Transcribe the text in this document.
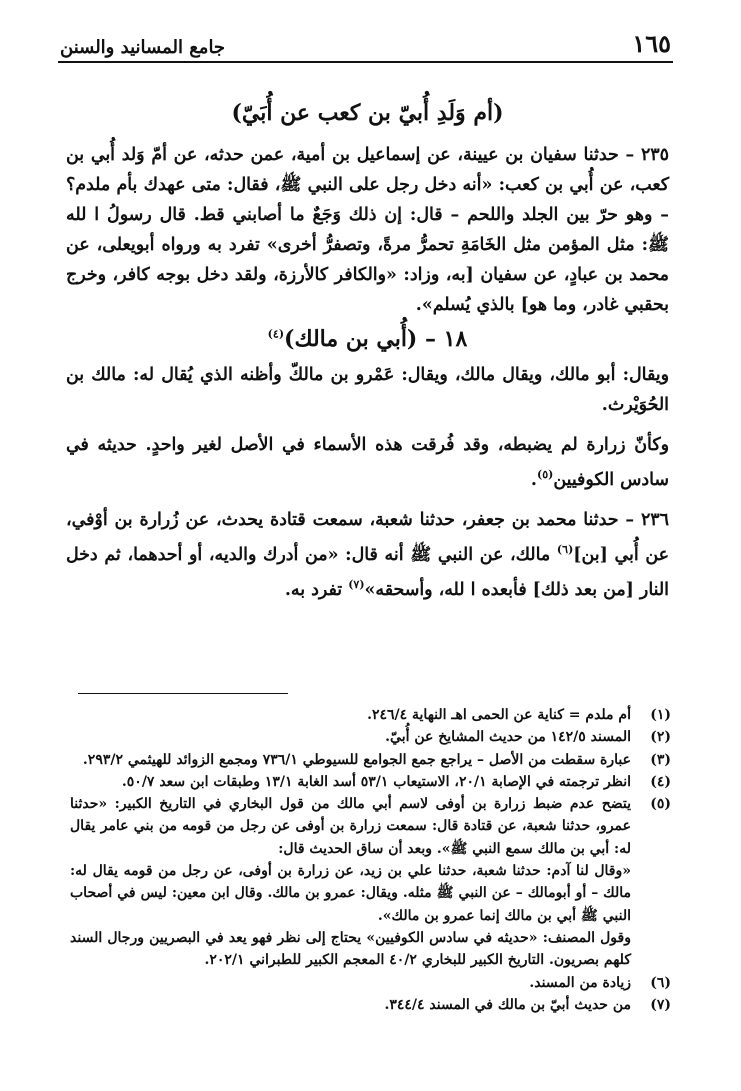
١٦٥
جامع المسانيد والسنن
(أم وَلَدِ أُبيّ بن كعب عن أُبَيّ)

٢٣٥ – حدثنا سفيان بن عيينة، عن إسماعيل بن أمية، عمن حدثه، عن أمّ وَلد أُبي بن كعب، عن أُبي بن كعب: «أنه دخل رجل على النبي ﷺ، فقال: متى عهدك بأم ملدم؟ – وهو حرّ بين الجلد واللحم – قال: إن ذلك وَجَعٌ ما أصابني قط. قال رسولُ ا لله ﷺ: مثل المؤمن مثل الخَامَةِ تحمرُّ مرةً، وتصفرُّ أخرى» تفرد به ورواه أبويعلى، عن محمد بن عبادٍ، عن سفيان [به، وزاد: «والكافر كالأرزة، ولقد دخل بوجه كافر، وخرج بحقبي غادر، وما هو] بالذي يُسلم».

١٨ – (أُبي بن مالك)$^{(٤)}$

ويقال: أبو مالك، ويقال مالك، ويقال: عَمْرو بن مالكّ وأظنه الذي يُقال له: مالك بن الحُوَيْرث.

وكأنّ زرارة لم يضبطه، وقد فُرقت هذه الأسماء في الأصل لغير واحدٍ. حديثه في سادس الكوفيين$^{(٥)}$.

٢٣٦ – حدثنا محمد بن جعفر، حدثنا شعبة، سمعت قتادة يحدث، عن زُرارة بن أوْفي، عن أُبي [بن]$^{(٦)}$ مالك، عن النبي ﷺ أنه قال: «من أدرك والديه، أو أحدهما، ثم دخل النار [من بعد ذلك] فأبعده ا لله، وأسحقه»$^{(٧)}$ تفرد به.

(١)
أم ملدم = كناية عن الحمى اهـ النهاية ٢٤٦/٤.
(٢)
المسند ١٤٢/٥ من حديث المشايخ عن أُبيّ.
(٣)
عبارة سقطت من الأصل – يراجع جمع الجوامع للسيوطي ٧٣٦/١ ومجمع الزوائد للهيثمي ٢٩٣/٢.
(٤)
انظر ترجمته في الإصابة ٢٠/١، الاستيعاب ٥٣/١ أسد الغابة ١٣/١ وطبقات ابن سعد ٥٠/٧.
(٥)
يتضح عدم ضبط زرارة بن أوفى لاسم أبي مالك من قول البخاري في التاريخ الكبير: «حدثنا عمرو، حدثنا شعبة، عن قتادة قال: سمعت زرارة بن أوفى عن رجل من قومه من بني عامر يقال له: أبي بن مالك سمع النبي ﷺ». وبعد أن ساق الحديث قال:
«وقال لنا آدم: حدثنا شعبة، حدثنا علي بن زيد، عن زرارة بن أوفى، عن رجل من قومه يقال له: مالك – أو أبومالك – عن النبي ﷺ مثله. ويقال: عمرو بن مالك. وقال ابن معين: ليس في أصحاب النبي ﷺ أبي بن مالك إنما عمرو بن مالك».
وقول المصنف: «حديثه في سادس الكوفيين» يحتاج إلى نظر فهو يعد في البصريين ورجال السند كلهم بصريون. التاريخ الكبير للبخاري ٤٠/٢ المعجم الكبير للطبراني ٢٠٢/١.
(٦)
زيادة من المسند.
(٧)
من حديث أبيّ بن مالك في المسند ٣٤٤/٤.
